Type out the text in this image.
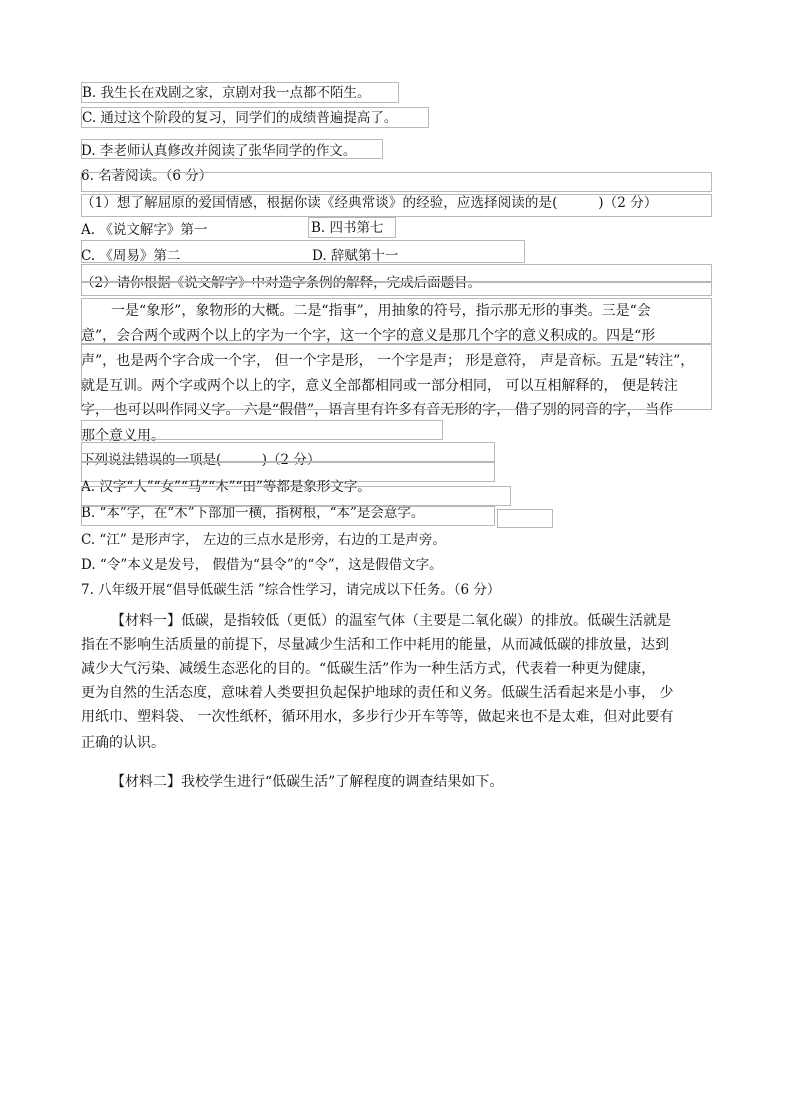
B. 我生长在戏剧之家，京剧对我一点都不陌生。
C. 通过这个阶段的复习，同学们的成绩普遍提高了。
D. 李老师认真修改并阅读了张华同学的作文。
6. 名著阅读。（6 分）
（1）想了解屈原的爱国情感，根据你读《经典常谈》的经验，应选择阅读的是(　　　)（2 分）
A. 《说文解字》第一	B. 四书第七
C. 《周易》第二	D. 辞赋第十一
（2）请你根据《说文解字》中对造字条例的解释，完成后面题目。
一是“象形”，象物形的大概。二是“指事”，用抽象的符号，指示那无形的事类。三是“会
意”，会合两个或两个以上的字为一个字，这一个字的意义是那几个字的意义积成的。四是“形
声”，也是两个字合成一个字， 但一个字是形， 一个字是声； 形是意符， 声是音标。五是“转注”，
就是互训。两个字或两个以上的字，意义全部都相同或一部分相同， 可以互相解释的， 便是转注
字， 也可以叫作同义字。 六是“假借”，语言里有许多有音无形的字， 借了别的同音的字， 当作
那个意义用。
下列说法错误的一项是(　　　)（2 分）
A. 汉字“人”“女”“马”“木”“田”等都是象形文字。
B. “本”字，在“木”下部加一横，指树根，“本”是会意字。
C. “江” 是形声字， 左边的三点水是形旁，右边的工是声旁。
D. “令”本义是发号， 假借为“县令”的“令”，这是假借文字。
7. 八年级开展“倡导低碳生活 ”综合性学习，请完成以下任务。（6 分）
【材料一】低碳，是指较低（更低）的温室气体（主要是二氧化碳）的排放。低碳生活就是
指在不影响生活质量的前提下，尽量减少生活和工作中耗用的能量，从而减低碳的排放量，达到
减少大气污染、减缓生态恶化的目的。“低碳生活”作为一种生活方式，代表着一种更为健康，
更为自然的生活态度，意味着人类要担负起保护地球的责任和义务。低碳生活看起来是小事， 少
用纸巾、塑料袋、 一次性纸杯，循环用水，多步行少开车等等，做起来也不是太难，但对此要有
正确的认识。
【材料二】我校学生进行“低碳生活”了解程度的调查结果如下。
